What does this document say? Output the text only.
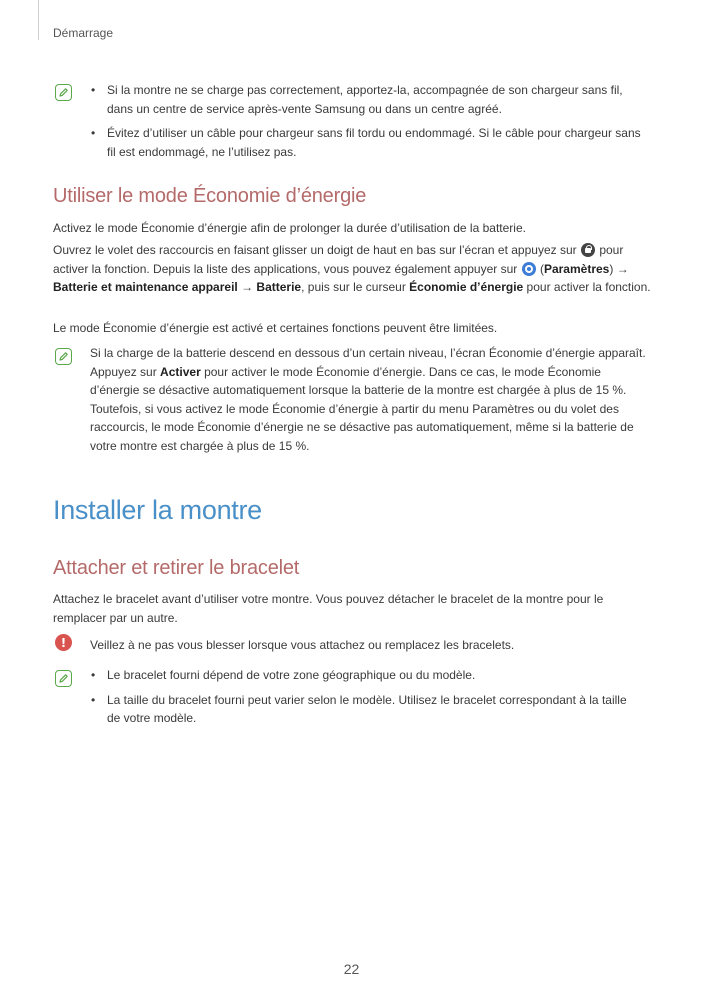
Démarrage
• Si la montre ne se charge pas correctement, apportez-la, accompagnée de son chargeur sans fil, dans un centre de service après-vente Samsung ou dans un centre agréé.
• Évitez d’utiliser un câble pour chargeur sans fil tordu ou endommagé. Si le câble pour chargeur sans fil est endommagé, ne l’utilisez pas.
Utiliser le mode Économie d’énergie

Activez le mode Économie d’énergie afin de prolonger la durée d’utilisation de la batterie.

Ouvrez le volet des raccourcis en faisant glisser un doigt de haut en bas sur l’écran et appuyez sur pour activer la fonction. Depuis la liste des applications, vous pouvez également appuyer sur (Paramètres) → Batterie et maintenance appareil → Batterie, puis sur le curseur Économie d’énergie pour activer la fonction.

Le mode Économie d’énergie est activé et certaines fonctions peuvent être limitées.

Si la charge de la batterie descend en dessous d’un certain niveau, l’écran Économie d’énergie apparaît. Appuyez sur Activer pour activer le mode Économie d’énergie. Dans ce cas, le mode Économie d’énergie se désactive automatiquement lorsque la batterie de la montre est chargée à plus de 15 %. Toutefois, si vous activez le mode Économie d’énergie à partir du menu Paramètres ou du volet des raccourcis, le mode Économie d’énergie ne se désactive pas automatiquement, même si la batterie de votre montre est chargée à plus de 15 %.

Installer la montre
Attacher et retirer le bracelet

Attachez le bracelet avant d’utiliser votre montre. Vous pouvez détacher le bracelet de la montre pour le remplacer par un autre.

! Veillez à ne pas vous blesser lorsque vous attachez ou remplacez les bracelets.

• Le bracelet fourni dépend de votre zone géographique ou du modèle.
• La taille du bracelet fourni peut varier selon le modèle. Utilisez le bracelet correspondant à la taille de votre modèle.
22
